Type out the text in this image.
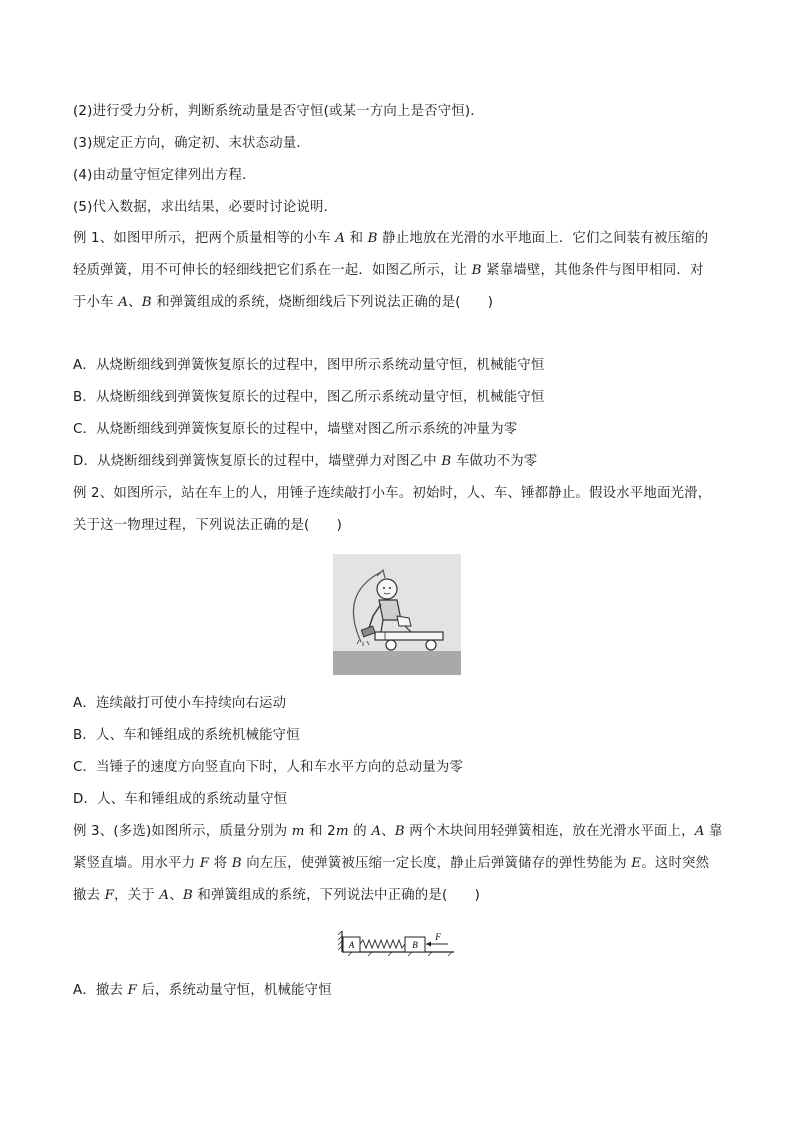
(2)进行受力分析，判断系统动量是否守恒(或某一方向上是否守恒)．
(3)规定正方向，确定初、末状态动量．
(4)由动量守恒定律列出方程．
(5)代入数据，求出结果，必要时讨论说明．
例 1、如图甲所示，把两个质量相等的小车 A 和 B 静止地放在光滑的水平地面上．它们之间装有被压缩的
轻质弹簧，用不可伸长的轻细线把它们系在一起．如图乙所示，让 B 紧靠墙壁，其他条件与图甲相同．对
于小车 A、B 和弹簧组成的系统，烧断细线后下列说法正确的是(　　)
A．从烧断细线到弹簧恢复原长的过程中，图甲所示系统动量守恒，机械能守恒
B．从烧断细线到弹簧恢复原长的过程中，图乙所示系统动量守恒，机械能守恒
C．从烧断细线到弹簧恢复原长的过程中，墙壁对图乙所示系统的冲量为零
D．从烧断细线到弹簧恢复原长的过程中，墙壁弹力对图乙中 B 车做功不为零
例 2、如图所示，站在车上的人，用锤子连续敲打小车。初始时，人、车、锤都静止。假设水平地面光滑，
关于这一物理过程，下列说法正确的是(　　)
A．连续敲打可使小车持续向右运动
B．人、车和锤组成的系统机械能守恒
C．当锤子的速度方向竖直向下时，人和车水平方向的总动量为零
D．人、车和锤组成的系统动量守恒
例 3、(多选)如图所示，质量分别为 m 和 2m 的 A、B 两个木块间用轻弹簧相连，放在光滑水平面上，A 靠
紧竖直墙。用水平力 F 将 B 向左压，使弹簧被压缩一定长度，静止后弹簧储存的弹性势能为 E。这时突然
撤去 F，关于 A、B 和弹簧组成的系统，下列说法中正确的是(　　)
A	B
F
A．撤去 F 后，系统动量守恒，机械能守恒
